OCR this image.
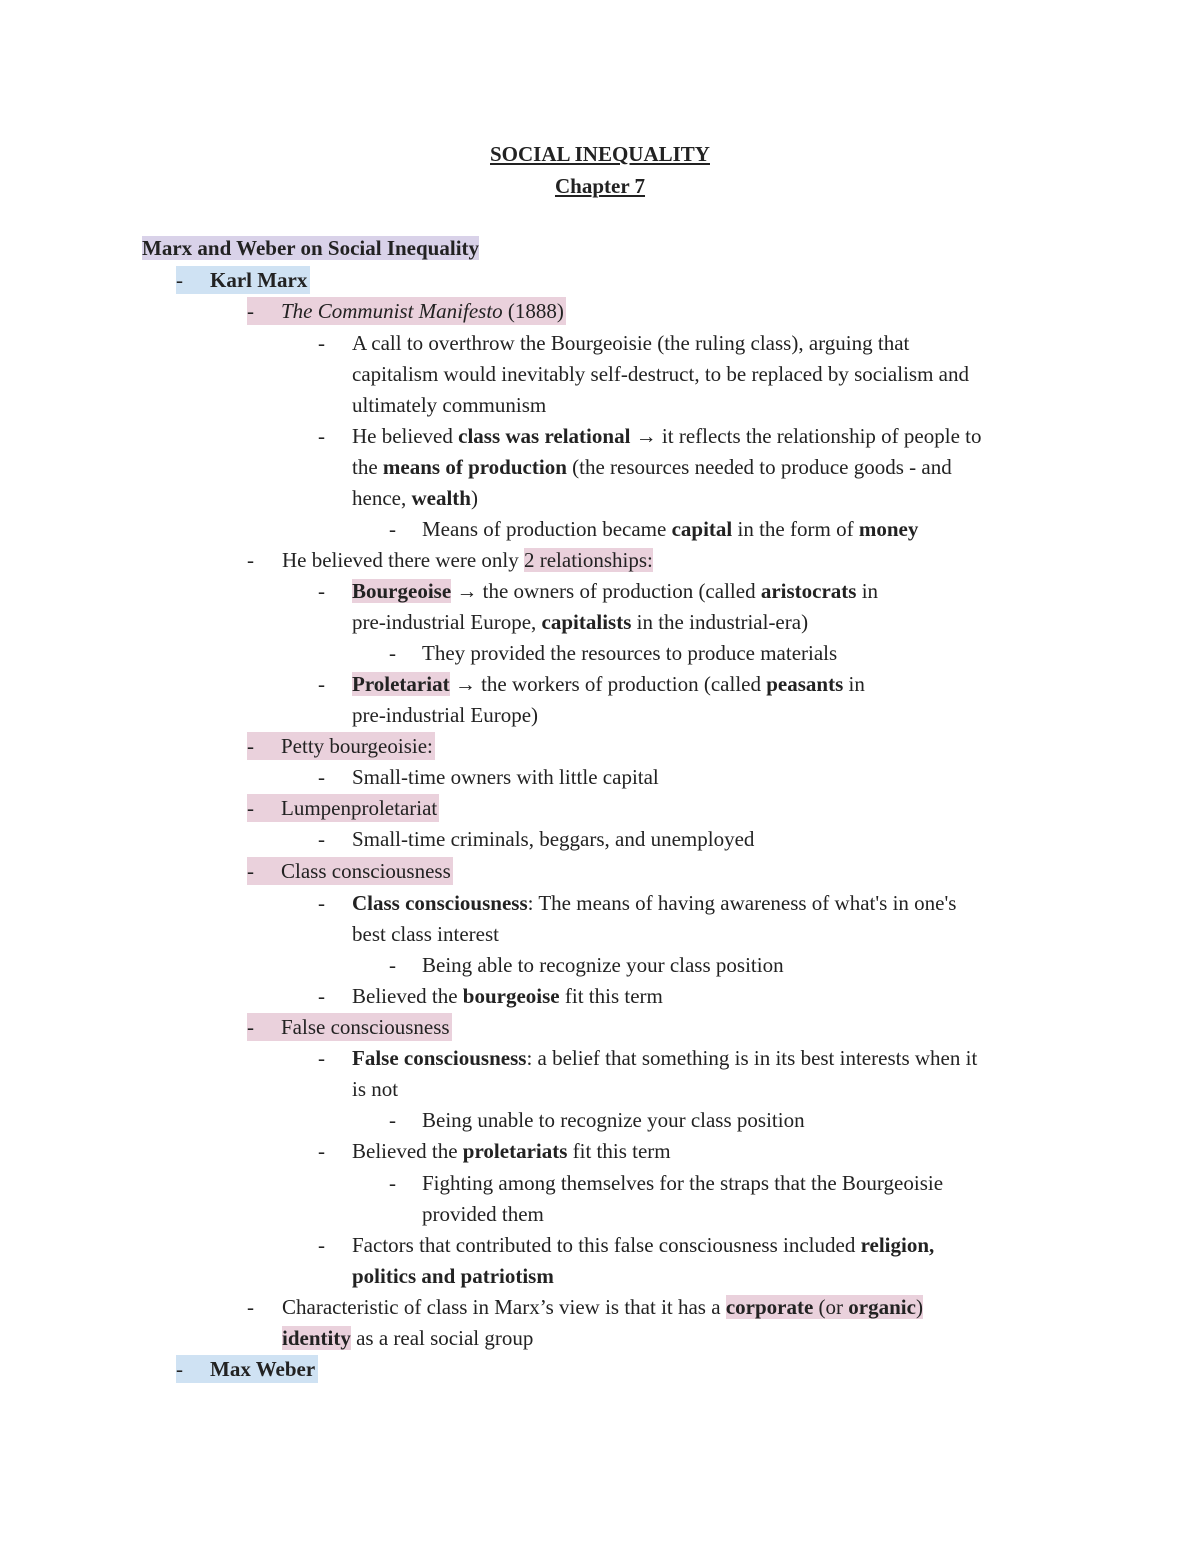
SOCIAL INEQUALITY
Chapter 7
Marx and Weber on Social Inequality
- Karl Marx
- The Communist Manifesto (1888)
- A call to overthrow the Bourgeoisie (the ruling class), arguing that
capitalism would inevitably self-destruct, to be replaced by socialism and
ultimately communism
- He believed class was relational → it reflects the relationship of people to
the means of production (the resources needed to produce goods - and
hence, wealth)
- Means of production became capital in the form of money
- He believed there were only 2 relationships:
- Bourgeoise → the owners of production (called aristocrats in
pre-industrial Europe, capitalists in the industrial-era)
- They provided the resources to produce materials
- Proletariat → the workers of production (called peasants in
pre-industrial Europe)
- Petty bourgeoisie:
- Small-time owners with little capital
- Lumpenproletariat
- Small-time criminals, beggars, and unemployed
- Class consciousness
- Class consciousness: The means of having awareness of what's in one's
best class interest
- Being able to recognize your class position
- Believed the bourgeoise fit this term
- False consciousness
- False consciousness: a belief that something is in its best interests when it
is not
- Being unable to recognize your class position
- Believed the proletariats fit this term
- Fighting among themselves for the straps that the Bourgeoisie
provided them
- Factors that contributed to this false consciousness included religion,
politics and patriotism
- Characteristic of class in Marx’s view is that it has a corporate (or organic)
identity as a real social group
- Max Weber
